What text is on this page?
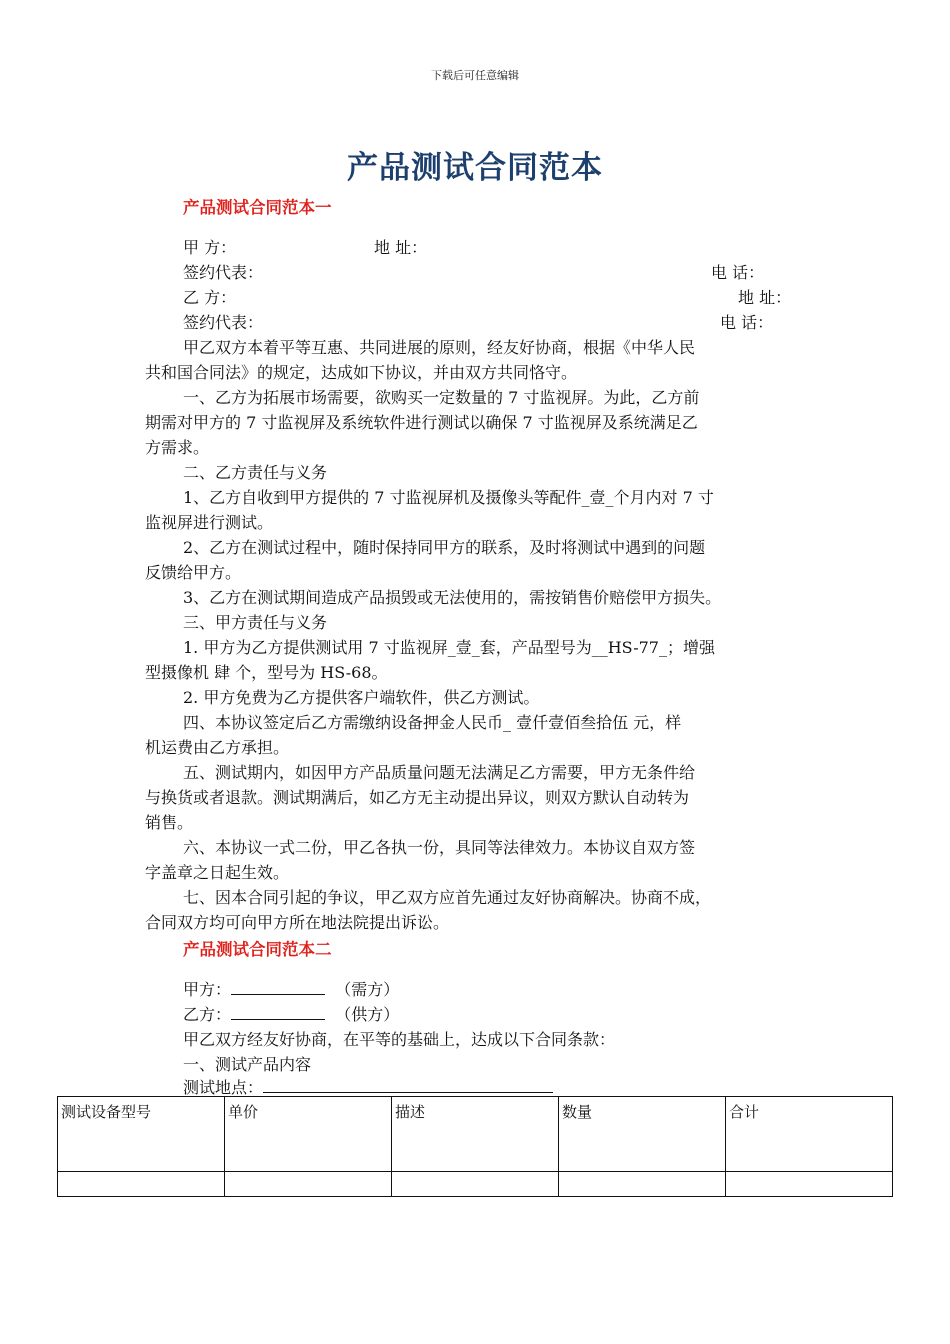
下载后可任意编辑
产品测试合同范本
产品测试合同范本一
甲 方：	地 址：
签约代表：	电 话：
乙 方：	地 址：
签约代表：	电 话：
甲乙双方本着平等互惠、共同进展的原则，经友好协商，根据《中华人民
共和国合同法》的规定，达成如下协议，并由双方共同恪守。
一、乙方为拓展市场需要，欲购买一定数量的 7 寸监视屏。为此，乙方前
期需对甲方的 7 寸监视屏及系统软件进行测试以确保 7 寸监视屏及系统满足乙
方需求。
二、乙方责任与义务
1、乙方自收到甲方提供的 7 寸监视屏机及摄像头等配件_壹_个月内对 7 寸
监视屏进行测试。
2、乙方在测试过程中，随时保持同甲方的联系，及时将测试中遇到的问题
反馈给甲方。
3、乙方在测试期间造成产品损毁或无法使用的，需按销售价赔偿甲方损失。
三、甲方责任与义务
1. 甲方为乙方提供测试用 7 寸监视屏_壹_套，产品型号为__HS-77_；增强
型摄像机 肆 个，型号为 HS-68。
2. 甲方免费为乙方提供客户端软件，供乙方测试。
四、本协议签定后乙方需缴纳设备押金人民币_ 壹仟壹佰叁拾伍 元，样
机运费由乙方承担。
五、测试期内，如因甲方产品质量问题无法满足乙方需要，甲方无条件给
与换货或者退款。测试期满后，如乙方无主动提出异议，则双方默认自动转为
销售。
六、本协议一式二份，甲乙各执一份，具同等法律效力。本协议自双方签
字盖章之日起生效。
七、因本合同引起的争议，甲乙双方应首先通过友好协商解决。协商不成，
合同双方均可向甲方所在地法院提出诉讼。
产品测试合同范本二
甲方：	（需方）
乙方：	（供方）
甲乙双方经友好协商，在平等的基础上，达成以下合同条款：
一、测试产品内容
测试地点：
测试设备型号	单价	描述	数量	合计
